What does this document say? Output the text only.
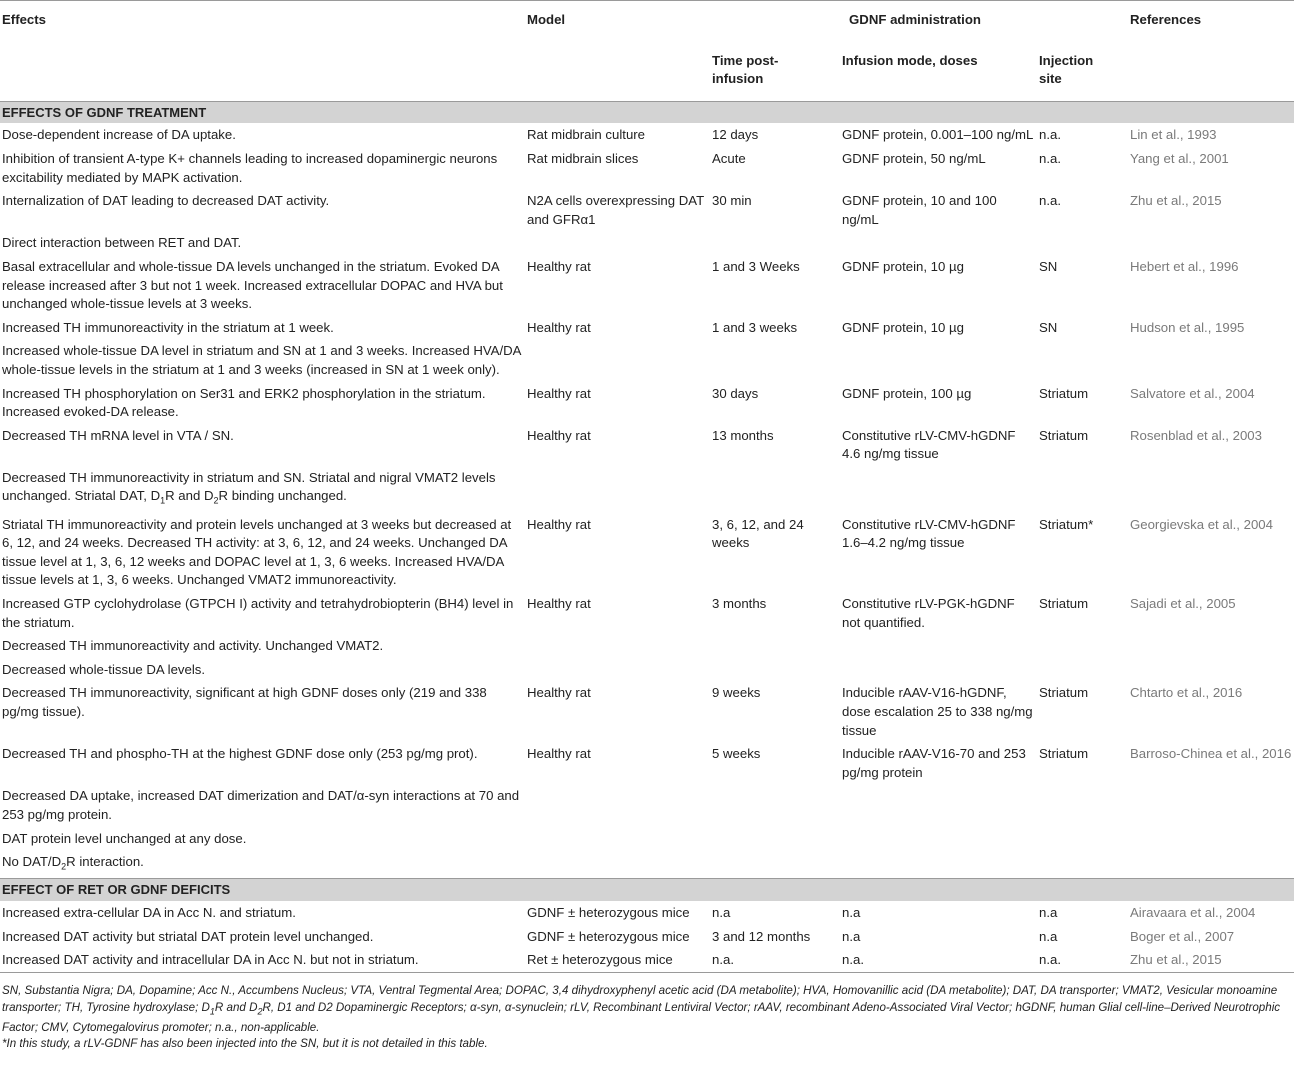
Effects	Model	GDNF administration			References
		Time post-infusion	Infusion mode, doses	Injection site	
EFFECTS OF GDNF TREATMENT					
Dose-dependent increase of DA uptake.	Rat midbrain culture	12 days	GDNF protein, 0.001–100 ng/mL	n.a.	Lin et al., 1993
Inhibition of transient A-type K+ channels leading to increased dopaminergic neurons excitability mediated by MAPK activation.	Rat midbrain slices	Acute	GDNF protein, 50 ng/mL	n.a.	Yang et al., 2001
Internalization of DAT leading to decreased DAT activity.	N2A cells overexpressing DAT and GFRα1	30 min	GDNF protein, 10 and 100 ng/mL	n.a.	Zhu et al., 2015
Direct interaction between RET and DAT.					
Basal extracellular and whole-tissue DA levels unchanged in the striatum. Evoked DA release increased after 3 but not 1 week. Increased extracellular DOPAC and HVA but unchanged whole-tissue levels at 3 weeks.	Healthy rat	1 and 3 Weeks	GDNF protein, 10 µg	SN	Hebert et al., 1996
Increased TH immunoreactivity in the striatum at 1 week.	Healthy rat	1 and 3 weeks	GDNF protein, 10 µg	SN	Hudson et al., 1995
Increased whole-tissue DA level in striatum and SN at 1 and 3 weeks. Increased HVA/DA whole-tissue levels in the striatum at 1 and 3 weeks (increased in SN at 1 week only).					
Increased TH phosphorylation on Ser31 and ERK2 phosphorylation in the striatum. Increased evoked-DA release.	Healthy rat	30 days	GDNF protein, 100 µg	Striatum	Salvatore et al., 2004
Decreased TH mRNA level in VTA / SN.	Healthy rat	13 months	Constitutive rLV-CMV-hGDNF 4.6 ng/mg tissue	Striatum	Rosenblad et al., 2003
Decreased TH immunoreactivity in striatum and SN. Striatal and nigral VMAT2 levels unchanged. Striatal DAT, $D_1R$ and $D_2R$ binding unchanged.					
Striatal TH immunoreactivity and protein levels unchanged at 3 weeks but decreased at 6, 12, and 24 weeks. Decreased TH activity: at 3, 6, 12, and 24 weeks. Unchanged DA tissue level at 1, 3, 6, 12 weeks and DOPAC level at 1, 3, 6 weeks. Increased HVA/DA tissue levels at 1, 3, 6 weeks. Unchanged VMAT2 immunoreactivity.	Healthy rat	3, 6, 12, and 24 weeks	Constitutive rLV-CMV-hGDNF 1.6–4.2 ng/mg tissue	Striatum*	Georgievska et al., 2004
Increased GTP cyclohydrolase (GTPCH I) activity and tetrahydrobiopterin (BH4) level in the striatum.	Healthy rat	3 months	Constitutive rLV-PGK-hGDNF not quantified.	Striatum	Sajadi et al., 2005
Decreased TH immunoreactivity and activity. Unchanged VMAT2.					
Decreased whole-tissue DA levels.					
Decreased TH immunoreactivity, significant at high GDNF doses only (219 and 338 pg/mg tissue).	Healthy rat	9 weeks	Inducible rAAV-V16-hGDNF, dose escalation 25 to 338 ng/mg tissue	Striatum	Chtarto et al., 2016
Decreased TH and phospho-TH at the highest GDNF dose only (253 pg/mg prot).	Healthy rat	5 weeks	Inducible rAAV-V16-70 and 253 pg/mg protein	Striatum	Barroso-Chinea et al., 2016
Decreased DA uptake, increased DAT dimerization and DAT/α-syn interactions at 70 and 253 pg/mg protein.					
DAT protein level unchanged at any dose.					
No DAT/$D_2R$ interaction.					
EFFECT OF RET OR GDNF DEFICITS					
Increased extra-cellular DA in Acc N. and striatum.	GDNF ± heterozygous mice	n.a	n.a	n.a	Airavaara et al., 2004
Increased DAT activity but striatal DAT protein level unchanged.	GDNF ± heterozygous mice	3 and 12 months	n.a	n.a	Boger et al., 2007
Increased DAT activity and intracellular DA in Acc N. but not in striatum.	Ret ± heterozygous mice	n.a.	n.a.	n.a.	Zhu et al., 2015
SN, Substantia Nigra; DA, Dopamine; Acc N., Accumbens Nucleus; VTA, Ventral Tegmental Area; DOPAC, 3,4 dihydroxyphenyl acetic acid (DA metabolite); HVA, Homovanillic acid (DA metabolite); DAT, DA transporter; VMAT2, Vesicular monoamine transporter; TH, Tyrosine hydroxylase; $D_1R$ and $D_2R$, D1 and D2 Dopaminergic Receptors; α-syn, α-synuclein; rLV, Recombinant Lentiviral Vector; rAAV, recombinant Adeno-Associated Viral Vector; hGDNF, human Glial cell-line–Derived Neurotrophic Factor; CMV, Cytomegalovirus promoter; n.a., non-applicable.
*In this study, a rLV-GDNF has also been injected into the SN, but it is not detailed in this table.
